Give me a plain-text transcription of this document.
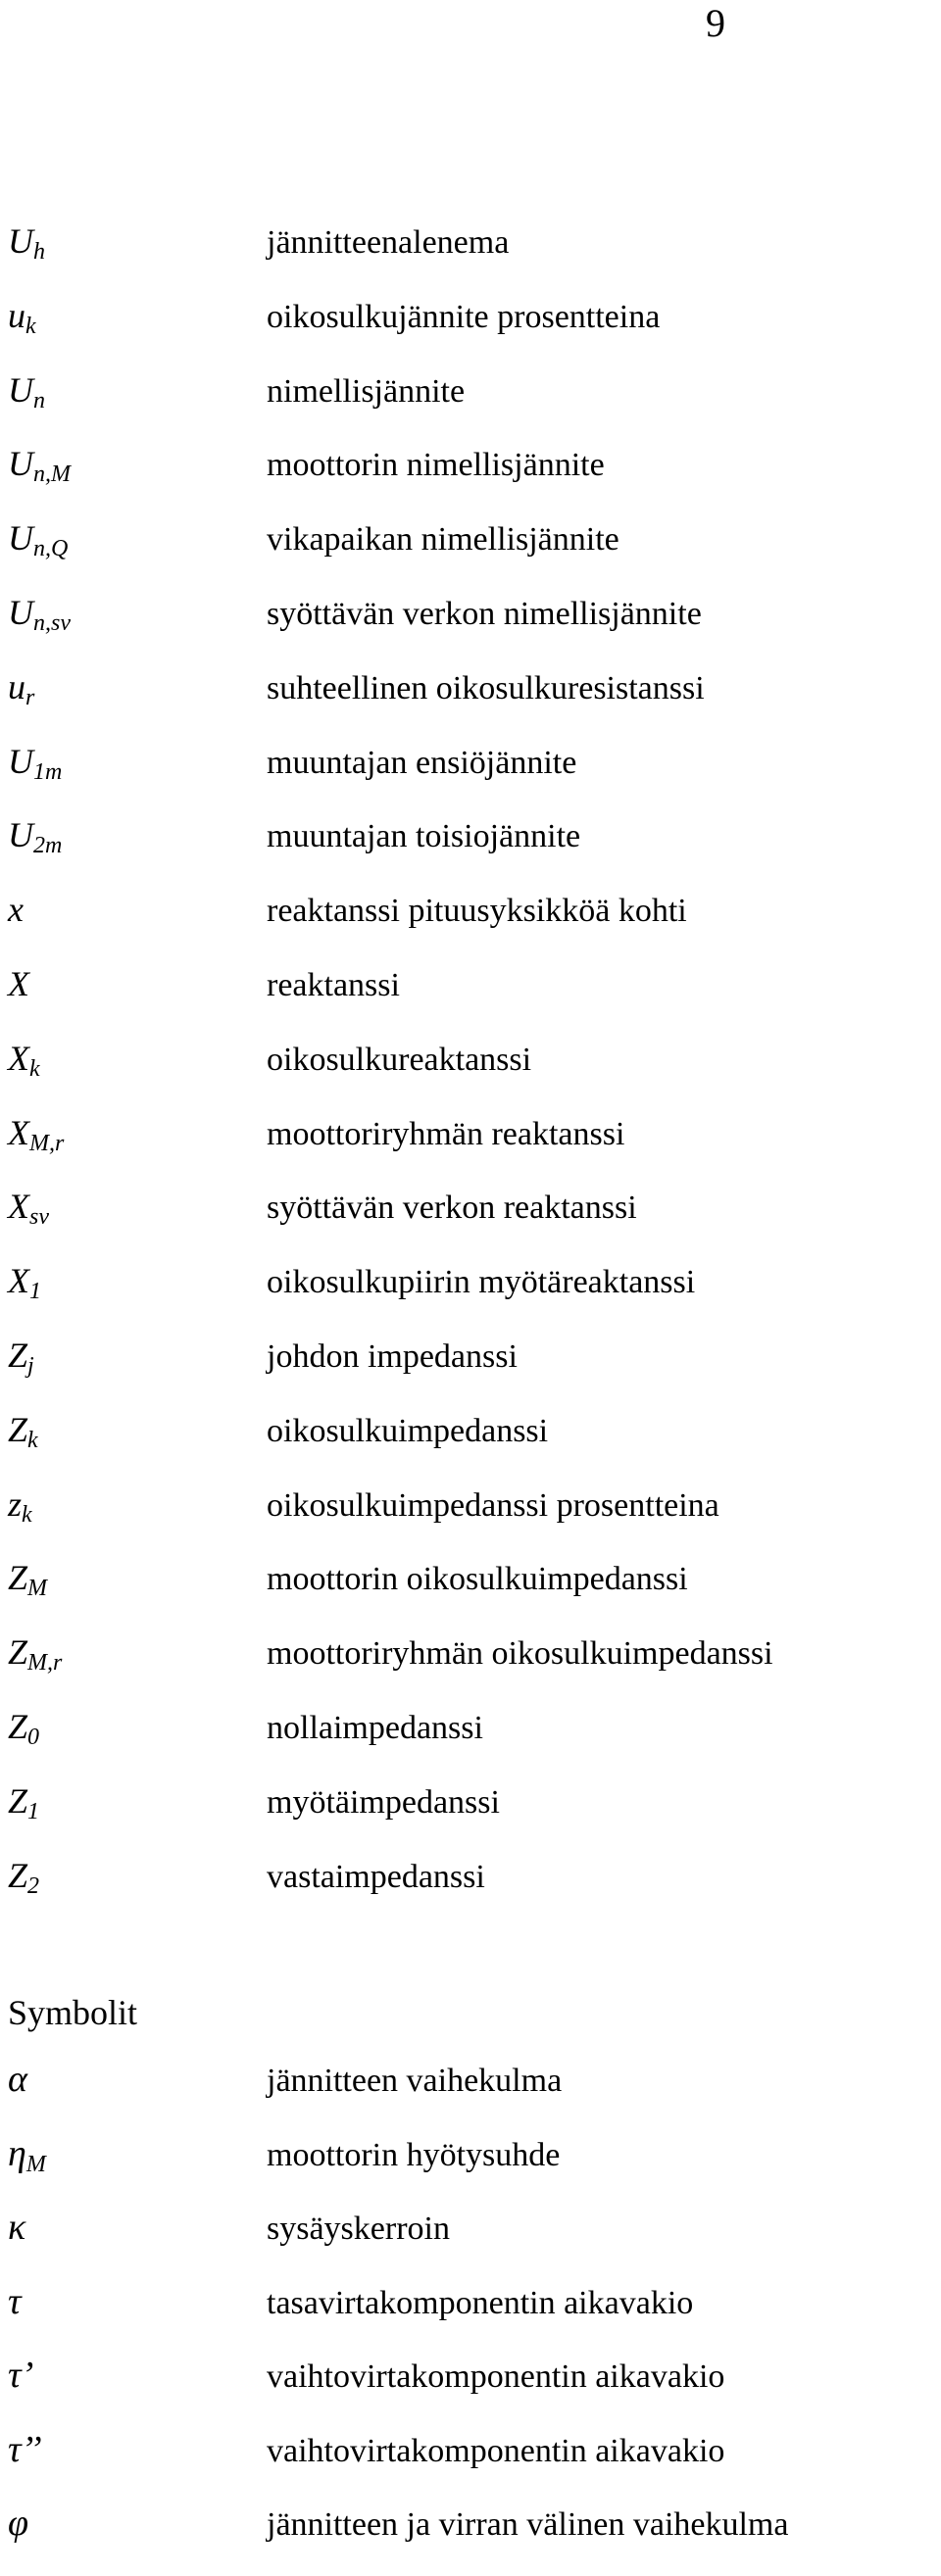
9
$U_h$	jännitteenalenema
$u_k$	oikosulkujännite prosentteina
$U_n$	nimellisjännite
$U_{n,M}$	moottorin nimellisjännite
$U_{n,Q}$	vikapaikan nimellisjännite
$U_{n,sv}$	syöttävän verkon nimellisjännite
$u_r$	suhteellinen oikosulkuresistanssi
$U_{1m}$	muuntajan ensiöjännite
$U_{2m}$	muuntajan toisiojännite
x	reaktanssi pituusyksikköä kohti
X	reaktanssi
$X_k$	oikosulkureaktanssi
$X_{M,r}$	moottoriryhmän reaktanssi
$X_{sv}$	syöttävän verkon reaktanssi
$X_1$	oikosulkupiirin myötäreaktanssi
$Z_j$	johdon impedanssi
$Z_k$	oikosulkuimpedanssi
$z_k$	oikosulkuimpedanssi prosentteina
$Z_M$	moottorin oikosulkuimpedanssi
$Z_{M,r}$	moottoriryhmän oikosulkuimpedanssi
$Z_0$	nollaimpedanssi
$Z_1$	myötäimpedanssi
$Z_2$	vastaimpedanssi
Symbolit
α	jännitteen vaihekulma
$\eta_M$	moottorin hyötysuhde
κ	sysäyskerroin
τ	tasavirtakomponentin aikavakio
τ’	vaihtovirtakomponentin aikavakio
τ’’	vaihtovirtakomponentin aikavakio
φ	jännitteen ja virran välinen vaihekulma
